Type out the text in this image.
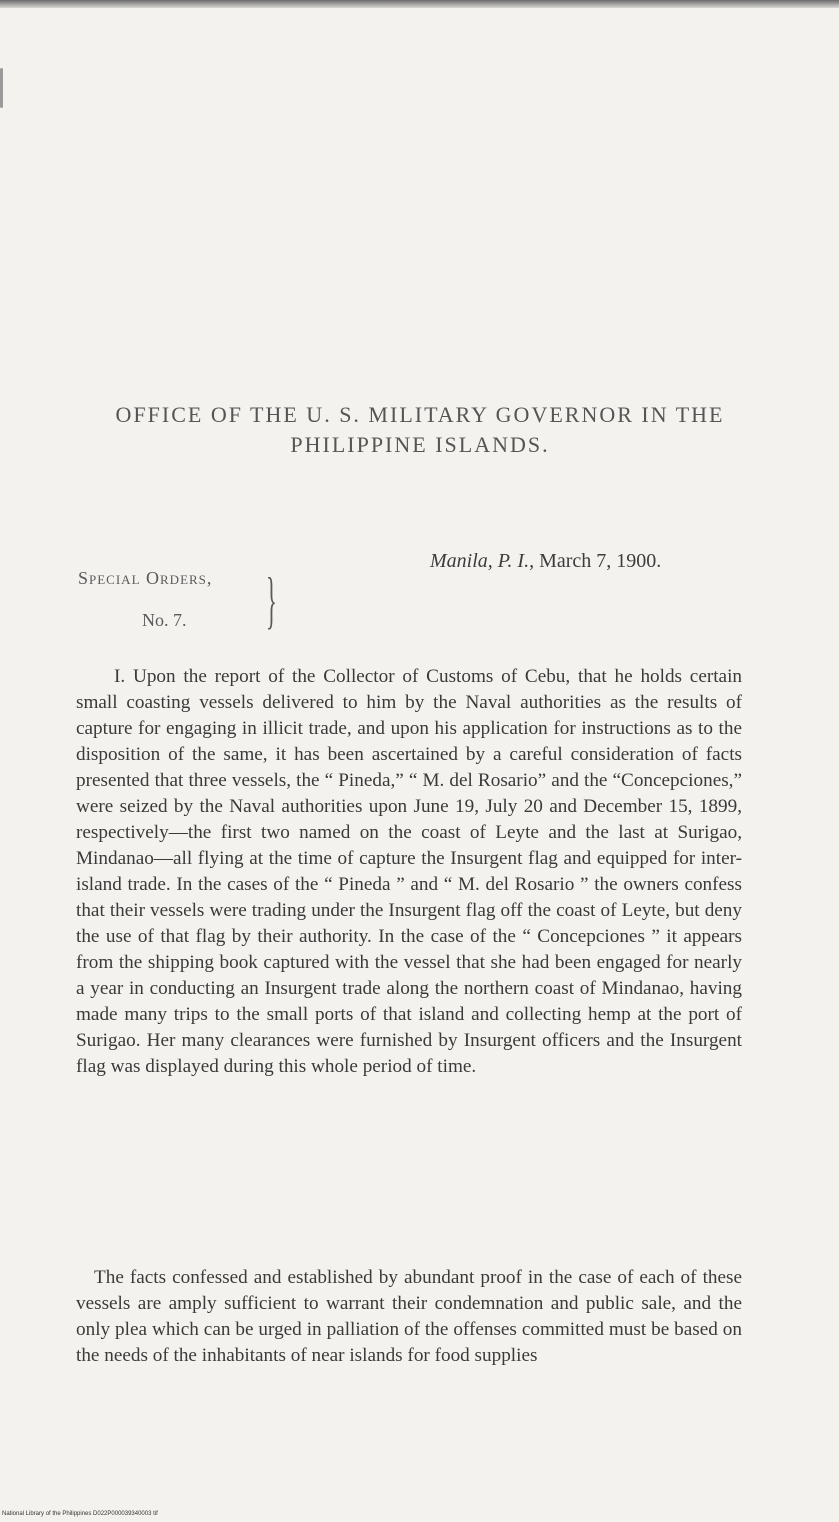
OFFICE OF THE U. S. MILITARY GOVERNOR IN THE
PHILIPPINE ISLANDS.
Manila, P. I., March 7, 1900.
Special Orders,
No. 7. }
I. Upon the report of the Collector of Customs of Cebu, that he holds certain small coasting vessels delivered to him by the Naval authorities as the results of capture for engaging in illicit trade, and upon his application for instructions as to the disposition of the same, it has been ascertained by a careful consideration of facts presented that three vessels, the “ Pineda,” “ M. del Rosario” and the “Concepciones,” were seized by the Naval authorities upon June 19, July 20 and December 15, 1899, respectively—the first two named on the coast of Leyte and the last at Surigao, Mindanao—all flying at the time of capture the Insurgent flag and equipped for inter-island trade. In the cases of the “ Pineda ” and “ M. del Rosario ” the owners confess that their vessels were trading under the Insurgent flag off the coast of Leyte, but deny the use of that flag by their authority. In the case of the “ Concepciones ” it appears from the shipping book captured with the vessel that she had been engaged for nearly a year in conducting an Insurgent trade along the northern coast of Mindanao, having made many trips to the small ports of that island and collecting hemp at the port of Surigao. Her many clearances were furnished by Insurgent officers and the Insurgent flag was displayed during this whole period of time.
The facts confessed and established by abundant proof in the case of each of these vessels are amply sufficient to warrant their condemnation and public sale, and the only plea which can be urged in palliation of the offenses committed must be based on the needs of the inhabitants of near islands for food supplies
National Library of the Philippines D022P000039340003 tif
